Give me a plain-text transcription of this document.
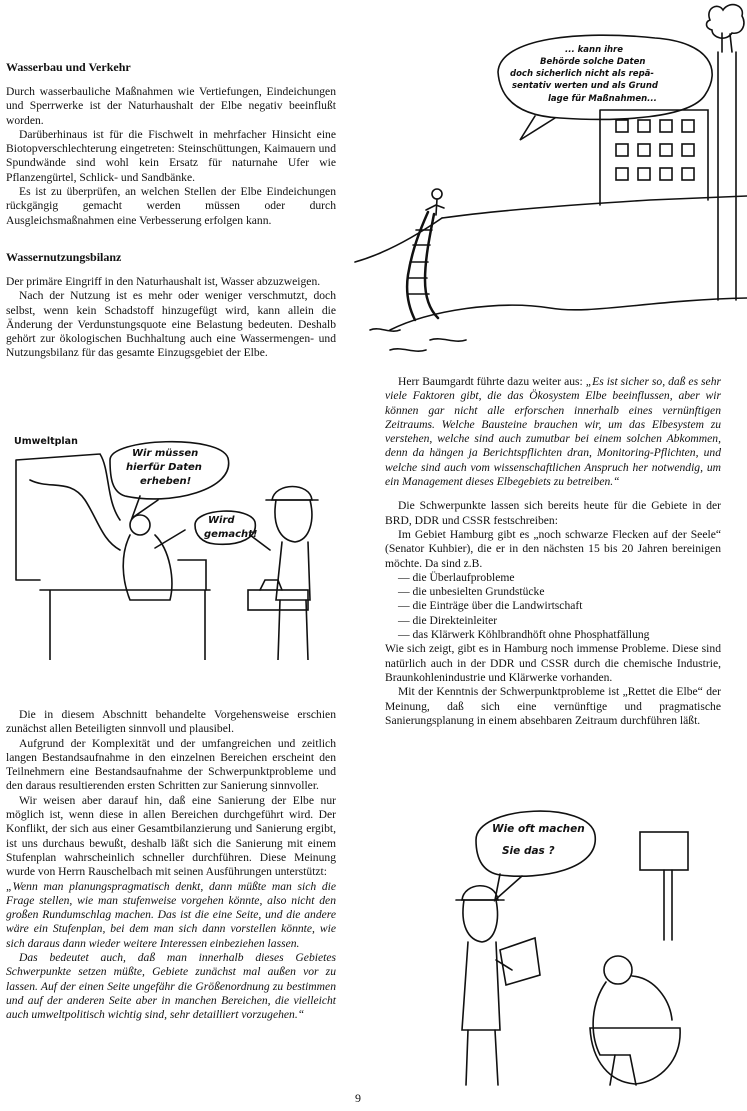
Wasserbau und Verkehr

Durch wasserbauliche Maßnahmen wie Vertiefungen, Eindeichungen und Sperrwerke ist der Naturhaushalt der Elbe negativ beeinflußt worden.

Darüberhinaus ist für die Fischwelt in mehrfacher Hinsicht eine Biotopverschlechterung eingetreten: Steinschüttungen, Kaimauern und Spundwände sind wohl kein Ersatz für naturnahe Ufer wie Pflanzengürtel, Schlick- und Sandbänke.

Es ist zu überprüfen, an welchen Stellen der Elbe Eindeichungen rückgängig gemacht werden müssen oder durch Ausgleichsmaßnahmen eine Verbesserung erfolgen kann.

Wassernutzungsbilanz

Der primäre Eingriff in den Naturhaushalt ist, Wasser abzuzweigen.

Nach der Nutzung ist es mehr oder weniger verschmutzt, doch selbst, wenn kein Schadstoff hinzugefügt wird, kann allein die Änderung der Verdunstungsquote eine Belastung bedeuten. Deshalb gehört zur ökologischen Buchhaltung auch eine Wassermengen- und Nutzungsbilanz für das gesamte Einzugsgebiet der Elbe.

Die in diesem Abschnitt behandelte Vorgehensweise erschien zunächst allen Beteiligten sinnvoll und plausibel.

Aufgrund der Komplexität und der umfangreichen und zeitlich langen Bestandsaufnahme in den einzelnen Bereichen erscheint den Teilnehmern eine Bestandsaufnahme der Schwerpunktprobleme und den daraus resultierenden ersten Schritten zur Sanierung sinnvoller.

Wir weisen aber darauf hin, daß eine Sanierung der Elbe nur möglich ist, wenn diese in allen Bereichen durchgeführt wird. Der Konflikt, der sich aus einer Gesamtbilanzierung und Sanierung ergibt, ist uns durchaus bewußt, deshalb läßt sich die Sanierung mit einem Stufenplan wahrscheinlich schneller durchführen. Diese Meinung wurde von Herrn Rauschelbach mit seinen Ausführungen unterstützt:

„Wenn man planungspragmatisch denkt, dann müßte man sich die Frage stellen, wie man stufenweise vorgehen könnte, also nicht den großen Rundumschlag machen. Das ist die eine Seite, und die andere wäre ein Stufenplan, bei dem man sich dann vorstellen könnte, wie sich daraus dann wieder weitere Interessen einbeziehen lassen.

Das bedeutet auch, daß man innerhalb dieses Gebietes Schwerpunkte setzen müßte, Gebiete zunächst mal außen vor zu lassen. Auf der einen Seite ungefähr die Größenordnung zu bestimmen und auf der anderen Seite aber in manchen Bereichen, die vielleicht auch umweltpolitisch wichtig sind, sehr detailliert vorzugehen.“

Herr Baumgardt führte dazu weiter aus: „Es ist sicher so, daß es sehr viele Faktoren gibt, die das Ökosystem Elbe beeinflussen, aber wir können gar nicht alle erforschen innerhalb eines vernünftigen Zeitraums. Welche Bausteine brauchen wir, um das Elbesystem zu verstehen, welche sind auch zumutbar bei einem solchen Abkommen, denn da hängen ja Berichtspflichten dran, Monitoring-Pflichten, und welche sind auch vom wissenschaftlichen Anspruch her notwendig, um ein Management dieses Elbegebiets zu betreiben.“

Die Schwerpunkte lassen sich bereits heute für die Gebiete in der BRD, DDR und CSSR festschreiben:

Im Gebiet Hamburg gibt es „noch schwarze Flecken auf der Seele“ (Senator Kuhbier), die er in den nächsten 15 bis 20 Jahren bereinigen möchte. Da sind z.B.

— die Überlaufprobleme
— die unbesielten Grundstücke
— die Einträge über die Landwirtschaft
— die Direkteinleiter
— das Klärwerk Köhlbrandhöft ohne Phosphatfällung

Wie sich zeigt, gibt es in Hamburg noch immense Probleme. Diese sind natürlich auch in der DDR und CSSR durch die chemische Industrie, Braunkohlenindustrie und Klärwerke vorhanden.

Mit der Kenntnis der Schwerpunktprobleme ist „Rettet die Elbe“ der Meinung, daß sich eine vernünftige und pragmatische Sanierungsplanung in einem absehbaren Zeitraum durchführen läßt.

... kann ihre
Behörde solche Daten
doch sicherlich nicht als repä-
sentativ werten und als Grund
lage für Maßnahmen...
Umweltplan
Wir müssen
hierfür Daten
erheben!
Wird
gemacht!
Wie oft machen
Sie das ?
9
